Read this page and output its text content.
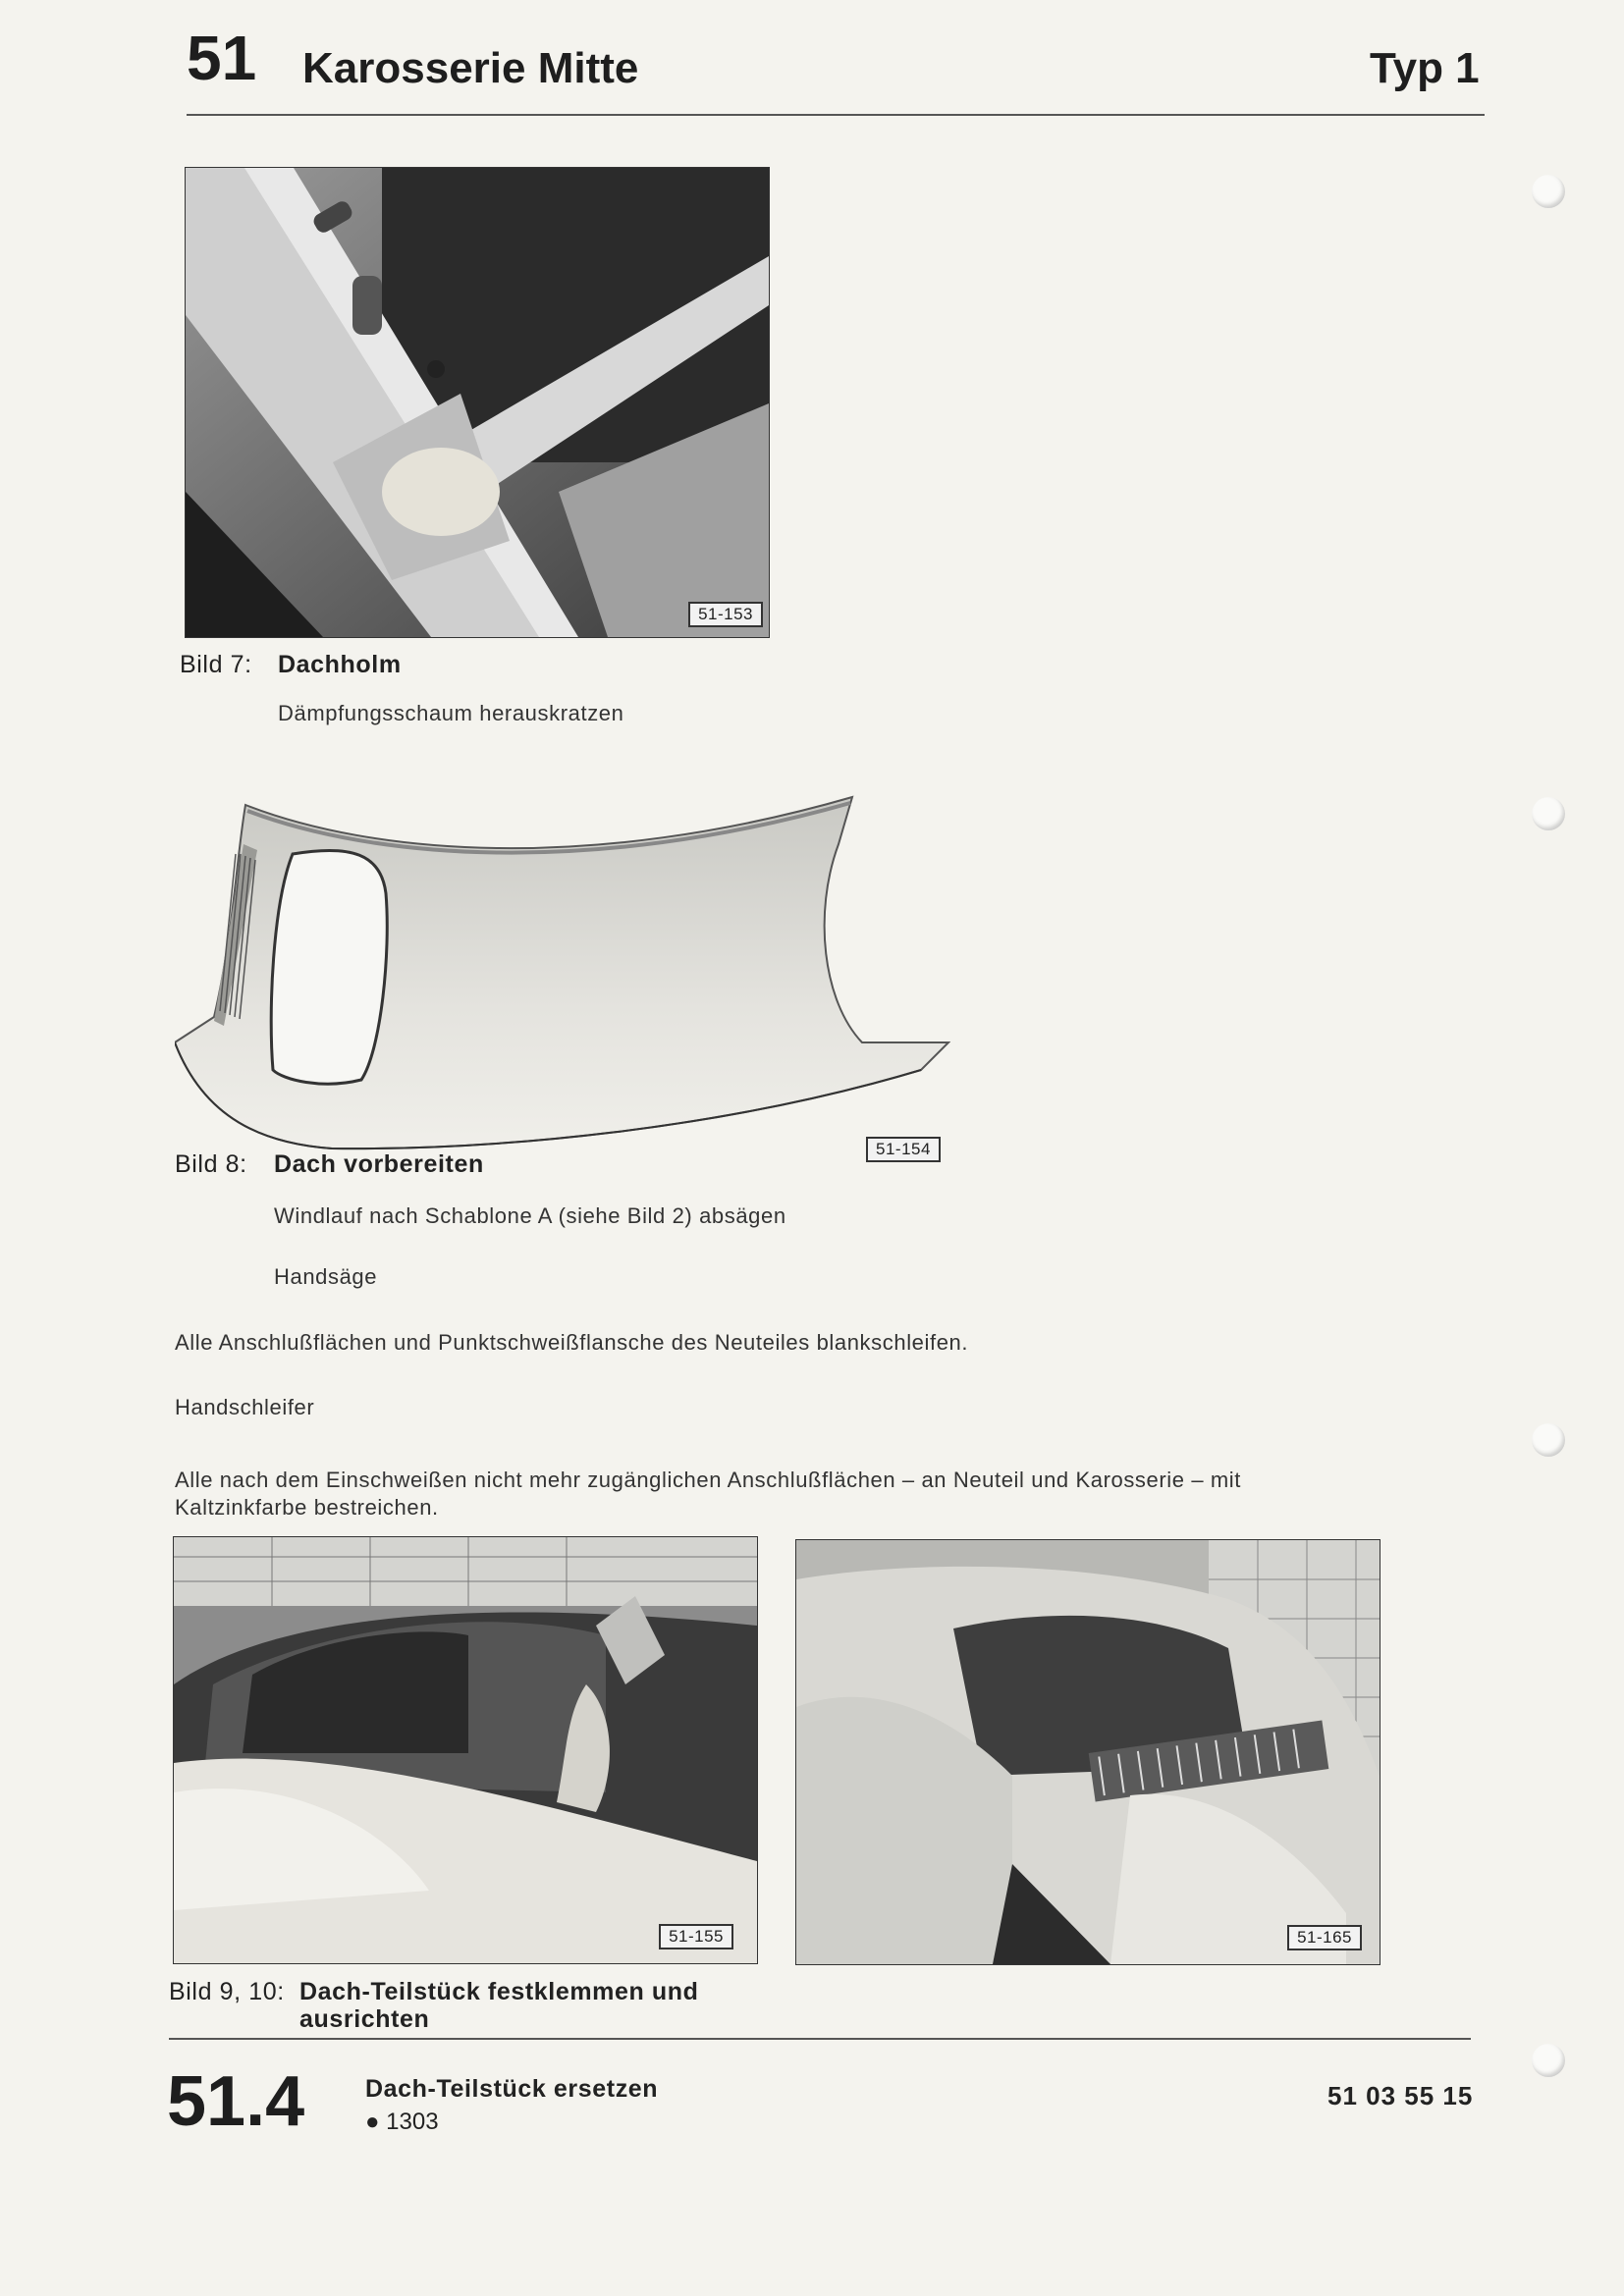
51 Karosserie Mitte	Typ 1
51-153
Bild 7: Dachholm
Dämpfungsschaum herauskratzen
51-154
Bild 8: Dach vorbereiten
Windlauf nach Schablone A (siehe Bild 2) absägen
Handsäge
Alle Anschlußflächen und Punktschweißflansche des Neuteiles blankschleifen.
Handschleifer
Alle nach dem Einschweißen nicht mehr zugänglichen Anschlußflächen – an Neuteil und Karosserie – mit
Kaltzinkfarbe bestreichen.
51-155	51-165
Bild 9, 10: Dach-Teilstück festklemmen und
ausrichten
51.4 Dach-Teilstück ersetzen
● 1303
51 03 55 15
